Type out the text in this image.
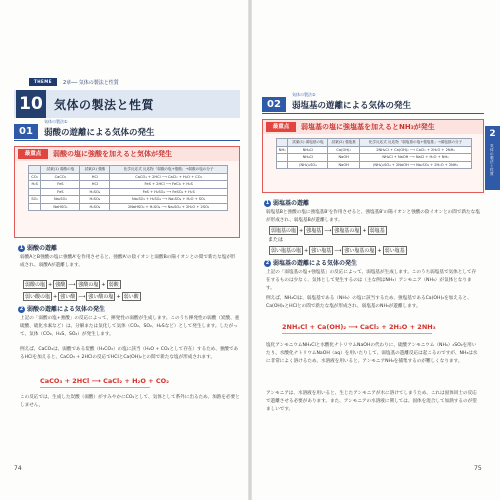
THEME	2章── 気体の製法と性質
10 気体の製法と性質
01
気体の製法①
弱酸の遊離による気体の発生
最重点	弱酸の塩に強酸を加えると気体が発生
	試薬(1) 弱酸の塩	試薬(2) 強酸	化学反応式 反応物「弱酸の塩+強酸」→弱酸の塩の分子
CO₂	CaCO₃	HCl	CaCO₃ + 2HCl ⟶ CaCl₂ + H₂O + CO₂
H₂S	FeS	HCl	FeS + 2HCl ⟶ FeCl₂ + H₂S
	FeS	H₂SO₄	FeS + H₂SO₄ ⟶ FeSO₄ + H₂S
SO₂	Na₂SO₃	H₂SO₄	Na₂SO₃ + H₂SO₄ ⟶ Na₂SO₄ + H₂O + SO₂
	NaHSO₃	H₂SO₄	2NaHSO₃ + H₂SO₄ ⟶ Na₂SO₄ + 2H₂O + 2SO₂
1 弱酸の遊離

弱酸AとB強酸の塩に強酸A'を作用させると、強酸A'の陰イオンと弱酸Bの陽イオンとの間で新たな塩が形成され、弱酸Aが遊離します。

弱酸の塩 + 強酸 ⟶ 強酸の塩 + 弱酸
弱い酸の塩 + 強い酸 ⟶ 強い酸の塩 + 弱い酸
2 弱酸の遊離による気体の発生

上記の「弱酸の塩+強酸」の反応によって、揮発性の弱酸が生成します。このうち揮発性の弱酸（炭酸、亜硫酸、硫化水素など）は、分解または気化して気体（CO₂、SO₂、H₂Sなど）として発生します。したがって、気体（CO₂、H₂S、SO₂）が発生します。

例えば、CaCO₃は、弱酸である炭酸（H₂CO₃）の塩に該当（H₂O + CO₂として存在）するため、強酸であるHClを加えると、CaCO₃ + 2HClの反応でHClとCa(OH)₂との間で新たな塩が形成されます。

CaCO₃ + 2HCl ⟶ CaCl₂ + H₂O + CO₂

この反応では、生成した炭酸（弱酸）がすみやかにCO₂として、気体として系外に出るため、加熱を必要としません。

74
02
気体の製法②
弱塩基の遊離による気体の発生
最重点	弱塩基の塩に強塩基を加えるとNH₃が発生
	試薬(1) 弱塩基の塩	試薬(2) 強塩基	化学反応式 反応物「弱塩基の塩+強塩基」→弱塩基の分子
NH₃	NH₄Cl	Ca(OH)₂	2NH₄Cl + Ca(OH)₂ ⟶ CaCl₂ + 2H₂O + 2NH₃
	NH₄Cl	NaOH	NH₄Cl + NaOH ⟶ NaCl + H₂O + NH₃
	(NH₄)₂SO₄	NaOH	(NH₄)₂SO₄ + 2NaOH ⟶ Na₂SO₄ + 2H₂O + 2NH₃
2
気体の製法と性質
1 弱塩基の遊離

弱塩基Bと強酸の塩に強塩基B'を作用させると、強塩基B'の陽イオンと強酸の陰イオンとの間で新たな塩が形成され、弱塩基Bが遊離します。

弱塩基の塩 + 強塩基 ⟶ 強塩基の塩 + 弱塩基
または
弱い塩基の塩 + 強い塩基 ⟶ 強い塩基の塩 + 弱い塩基
2 弱塩基の遊離による気体の発生

上記の「弱塩基の塩+強塩基」の反応によって、弱塩基が生成します。このうち弱塩基で気体として存在するものは少なく、気体として発生するのは（主な例はNH₃）アンモニア（NH₃）が気体となります。

例えば、NH₄Clは、弱塩基である（NH₃）の塩に該当するため、強塩基であるCa(OH)₂を加えると、Ca(OH)₂とHClとの間で新たな塩が形成され、弱塩基のNH₃が遊離します。

2NH₄Cl + Ca(OH)₂ ⟶ CaCl₂ + 2H₂O + 2NH₃

塩化アンモニウムNH₄Clと水酸化ナトリウムNaOHの代わりに、硫酸アンモニウム（NH₄）₂SO₄を用いたり、水酸化ナトリウムNaOH（aq）を用いたりして、弱塩基の遊離反応は起こるのですが、NH₃は水に非常によく溶けるため、水溶液を用いると、アンモニアNH₃を捕集するのが難しくなります。

アンモニアは、水溶液を用いると、生じたアンモニアが水に溶けてしまうため、これは固体同士の反応で遊離させる必要があります。また、アンモニアの水溶液に関しては、固体を混合して加熱するのが望ましいです。

75
